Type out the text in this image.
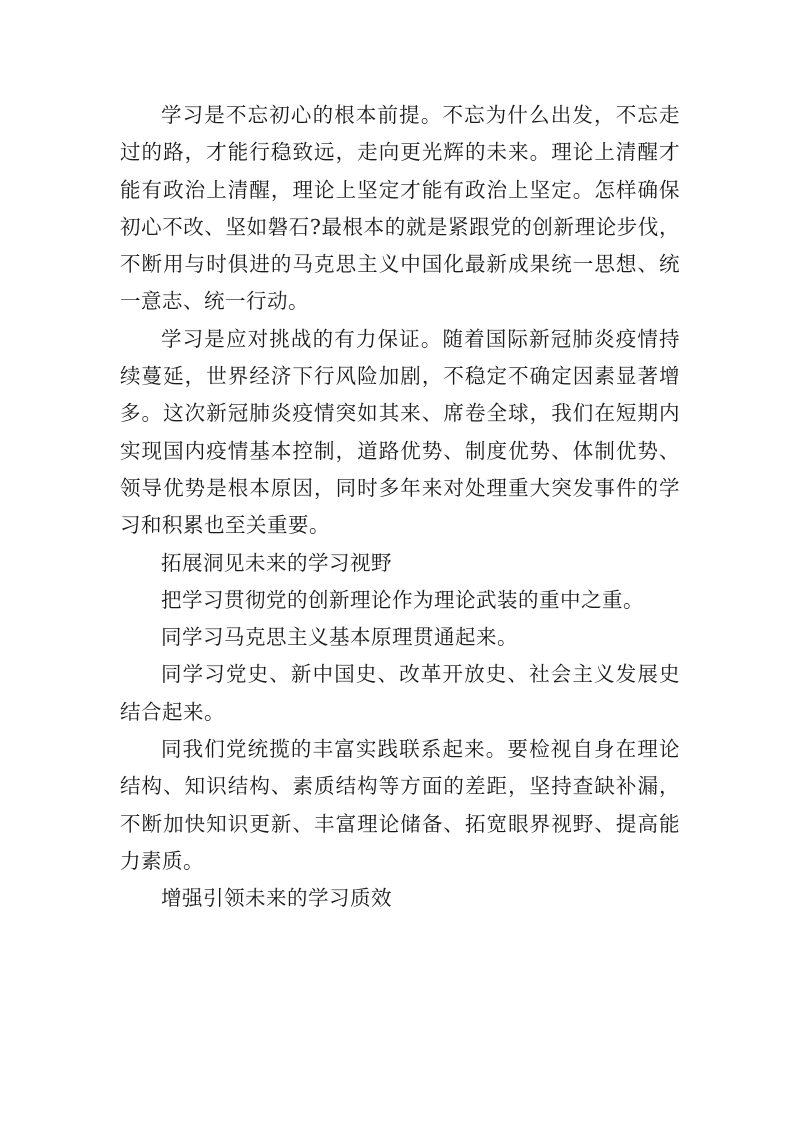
学习是不忘初心的根本前提。不忘为什么出发，不忘走过的路，才能行稳致远，走向更光辉的未来。理论上清醒才能有政治上清醒，理论上坚定才能有政治上坚定。怎样确保初心不改、坚如磐石?最根本的就是紧跟党的创新理论步伐，不断用与时俱进的马克思主义中国化最新成果统一思想、统一意志、统一行动。

学习是应对挑战的有力保证。随着国际新冠肺炎疫情持续蔓延，世界经济下行风险加剧，不稳定不确定因素显著增多。这次新冠肺炎疫情突如其来、席卷全球，我们在短期内实现国内疫情基本控制，道路优势、制度优势、体制优势、领导优势是根本原因，同时多年来对处理重大突发事件的学习和积累也至关重要。

拓展洞见未来的学习视野

把学习贯彻党的创新理论作为理论武装的重中之重。

同学习马克思主义基本原理贯通起来。

同学习党史、新中国史、改革开放史、社会主义发展史结合起来。

同我们党统揽的丰富实践联系起来。要检视自身在理论结构、知识结构、素质结构等方面的差距，坚持查缺补漏，不断加快知识更新、丰富理论储备、拓宽眼界视野、提高能力素质。

增强引领未来的学习质效
